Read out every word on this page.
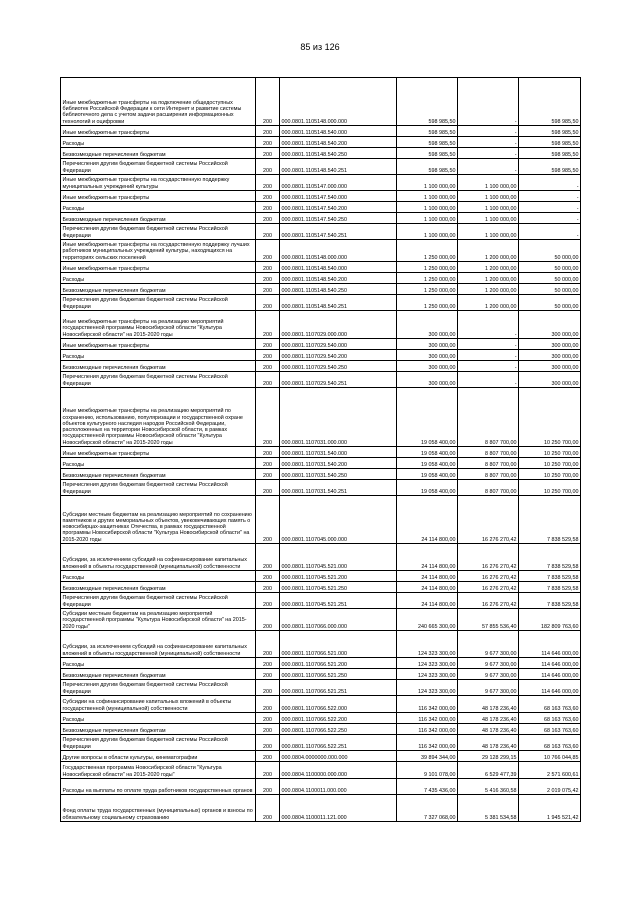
85 из 126
Иные межбюджетные трансферты на подключение общедоступных библиотек Российской Федерации к сети Интернет и развитие системы библиотечного дела с учетом задачи расширения информационных технологий и оцифровки	200	000.0801.1105148.000.000	598 985,50	-	598 985,50
Иные межбюджетные трансферты	200	000.0801.1105148.540.000	598 985,50	-	598 985,50
Расходы	200	000.0801.1105148.540.200	598 985,50	-	598 985,50
Безвозмездные перечисления бюджетам	200	000.0801.1105148.540.250	598 985,50	-	598 985,50
Перечисления другим бюджетам бюджетной системы Российской Федерации	200	000.0801.1105148.540.251	598 985,50	-	598 985,50
Иные межбюджетные трансферты на государственную поддержку муниципальных учреждений культуры	200	000.0801.1105147.000.000	1 100 000,00	1 100 000,00	-
Иные межбюджетные трансферты	200	000.0801.1105147.540.000	1 100 000,00	1 100 000,00	-
Расходы	200	000.0801.1105147.540.200	1 100 000,00	1 100 000,00	-
Безвозмездные перечисления бюджетам	200	000.0801.1105147.540.250	1 100 000,00	1 100 000,00	-
Перечисления другим бюджетам бюджетной системы Российской Федерации	200	000.0801.1105147.540.251	1 100 000,00	1 100 000,00	-
Иные межбюджетные трансферты на государственную поддержку лучших работников муниципальных учреждений культуры, находящихся на территориях сельских поселений	200	000.0801.1105148.000.000	1 250 000,00	1 200 000,00	50 000,00
Иные межбюджетные трансферты	200	000.0801.1105148.540.000	1 250 000,00	1 200 000,00	50 000,00
Расходы	200	000.0801.1105148.540.200	1 250 000,00	1 200 000,00	50 000,00
Безвозмездные перечисления бюджетам	200	000.0801.1105148.540.250	1 250 000,00	1 200 000,00	50 000,00
Перечисления другим бюджетам бюджетной системы Российской Федерации	200	000.0801.1105148.540.251	1 250 000,00	1 200 000,00	50 000,00
Иные межбюджетные трансферты на реализацию мероприятий государственной программы Новосибирской области "Культура Новосибирской области" на 2015-2020 годы	200	000.0801.1107029.000.000	300 000,00	-	300 000,00
Иные межбюджетные трансферты	200	000.0801.1107029.540.000	300 000,00	-	300 000,00
Расходы	200	000.0801.1107029.540.200	300 000,00	-	300 000,00
Безвозмездные перечисления бюджетам	200	000.0801.1107029.540.250	300 000,00	-	300 000,00
Перечисления другим бюджетам бюджетной системы Российской Федерации	200	000.0801.1107029.540.251	300 000,00	-	300 000,00
Иные межбюджетные трансферты на реализацию мероприятий по сохранению, использованию, популяризации и государственной охране объектов культурного наследия народов Российской Федерации, расположенных на территории Новосибирской области, в рамках государственной программы Новосибирской области "Культура Новосибирской области" на 2015-2020 годы	200	000.0801.1107031.000.000	19 058 400,00	8 807 700,00	10 250 700,00
Иные межбюджетные трансферты	200	000.0801.1107031.540.000	19 058 400,00	8 807 700,00	10 250 700,00
Расходы	200	000.0801.1107031.540.200	19 058 400,00	8 807 700,00	10 250 700,00
Безвозмездные перечисления бюджетам	200	000.0801.1107031.540.250	19 058 400,00	8 807 700,00	10 250 700,00
Перечисления другим бюджетам бюджетной системы Российской Федерации	200	000.0801.1107031.540.251	19 058 400,00	8 807 700,00	10 250 700,00
Субсидии местным бюджетам на реализацию мероприятий по сохранению памятников и других мемориальных объектов, увековечивающих память о новосибирцах-защитниках Отечества, в рамках государственной программы Новосибирской области "Культура Новосибирской области" на 2015-2020 годы	200	000.0801.1107045.000.000	24 114 800,00	16 276 270,42	7 838 529,58
Субсидии, за исключением субсидий на софинансирование капитальных вложений в объекты государственной (муниципальной) собственности	200	000.0801.1107045.521.000	24 114 800,00	16 276 270,42	7 838 529,58
Расходы	200	000.0801.1107045.521.200	24 114 800,00	16 276 270,42	7 838 529,58
Безвозмездные перечисления бюджетам	200	000.0801.1107045.521.250	24 114 800,00	16 276 270,42	7 838 529,58
Перечисления другим бюджетам бюджетной системы Российской Федерации	200	000.0801.1107045.521.251	24 114 800,00	16 276 270,42	7 838 529,58
Субсидии местным бюджетам на реализацию мероприятий государственной программы "Культура Новосибирской области" на 2015-2020 годы"	200	000.0801.1107066.000.000	240 665 300,00	57 855 536,40	182 809 763,60
Субсидии, за исключением субсидий на софинансирование капитальных вложений в объекты государственной (муниципальной) собственности	200	000.0801.1107066.521.000	124 323 300,00	9 677 300,00	114 646 000,00
Расходы	200	000.0801.1107066.521.200	124 323 300,00	9 677 300,00	114 646 000,00
Безвозмездные перечисления бюджетам	200	000.0801.1107066.521.250	124 323 300,00	9 677 300,00	114 646 000,00
Перечисления другим бюджетам бюджетной системы Российской Федерации	200	000.0801.1107066.521.251	124 323 300,00	9 677 300,00	114 646 000,00
Субсидии на софинансирование капитальных вложений в объекты государственной (муниципальной) собственности	200	000.0801.1107066.522.000	116 342 000,00	48 178 236,40	68 163 763,60
Расходы	200	000.0801.1107066.522.200	116 342 000,00	48 178 236,40	68 163 763,60
Безвозмездные перечисления бюджетам	200	000.0801.1107066.522.250	116 342 000,00	48 178 236,40	68 163 763,60
Перечисления другим бюджетам бюджетной системы Российской Федерации	200	000.0801.1107066.522.251	116 342 000,00	48 178 236,40	68 163 763,60
Другие вопросы в области культуры, кинематографии	200	000.0804.0000000.000.000	39 894 344,00	29 128 299,15	10 766 044,85
Государственная программа Новосибирской области "Культура Новосибирской области" на 2015-2020 годы"	200	000.0804.1100000.000.000	9 101 078,00	6 529 477,39	2 571 600,61
Расходы на выплаты по оплате труда работников государственных органов	200	000.0804.1100011.000.000	7 435 436,00	5 416 360,58	2 019 075,42
Фонд оплаты труда государственных (муниципальных) органов и взносы по обязательному социальному страхованию	200	000.0804.1100011.121.000	7 327 068,00	5 381 534,58	1 945 521,42
